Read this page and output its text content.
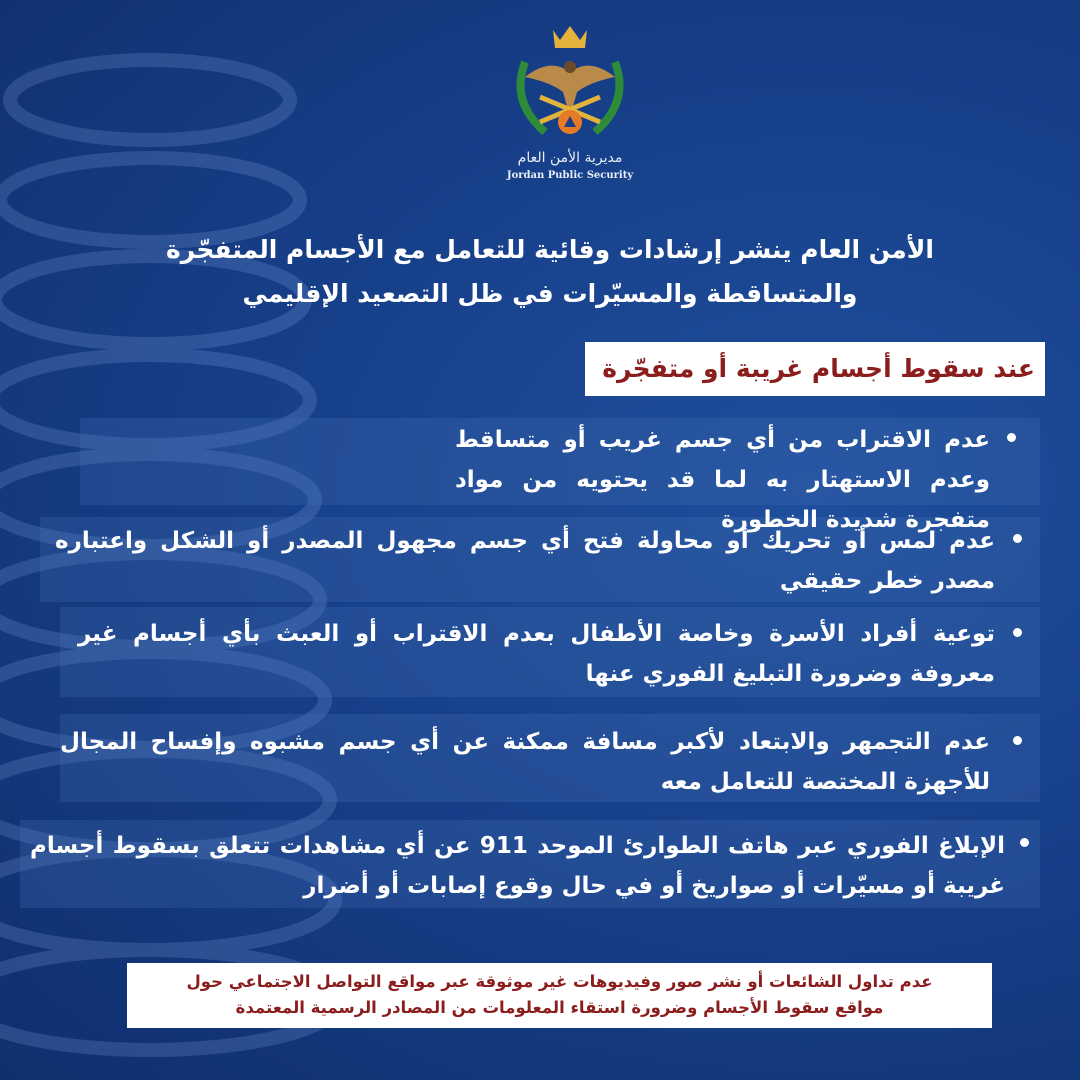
مديرية الأمن العام
Jordan Public Security
الأمن العام ينشر إرشادات وقائية للتعامل مع الأجسام المتفجّرة
والمتساقطة والمسيّرات في ظل التصعيد الإقليمي
عند سقوط أجسام غريبة أو متفجّرة
عدم الاقتراب من أي جسم غريب أو متساقط وعدم الاستهتار به لما قد يحتويه من مواد متفجرة شديدة الخطورة
عدم لمس أو تحريك أو محاولة فتح أي جسم مجهول المصدر أو الشكل واعتباره مصدر خطر حقيقي
توعية أفراد الأسرة وخاصة الأطفال بعدم الاقتراب أو العبث بأي أجسام غير معروفة وضرورة التبليغ الفوري عنها
عدم التجمهر والابتعاد لأكبر مسافة ممكنة عن أي جسم مشبوه وإفساح المجال للأجهزة المختصة للتعامل معه
الإبلاغ الفوري عبر هاتف الطوارئ الموحد 911 عن أي مشاهدات تتعلق بسقوط أجسام غريبة أو مسيّرات أو صواريخ أو في حال وقوع إصابات أو أضرار
عدم تداول الشائعات أو نشر صور وفيديوهات غير موثوقة عبر مواقع التواصل الاجتماعي حول
مواقع سقوط الأجسام وضرورة استقاء المعلومات من المصادر الرسمية المعتمدة
